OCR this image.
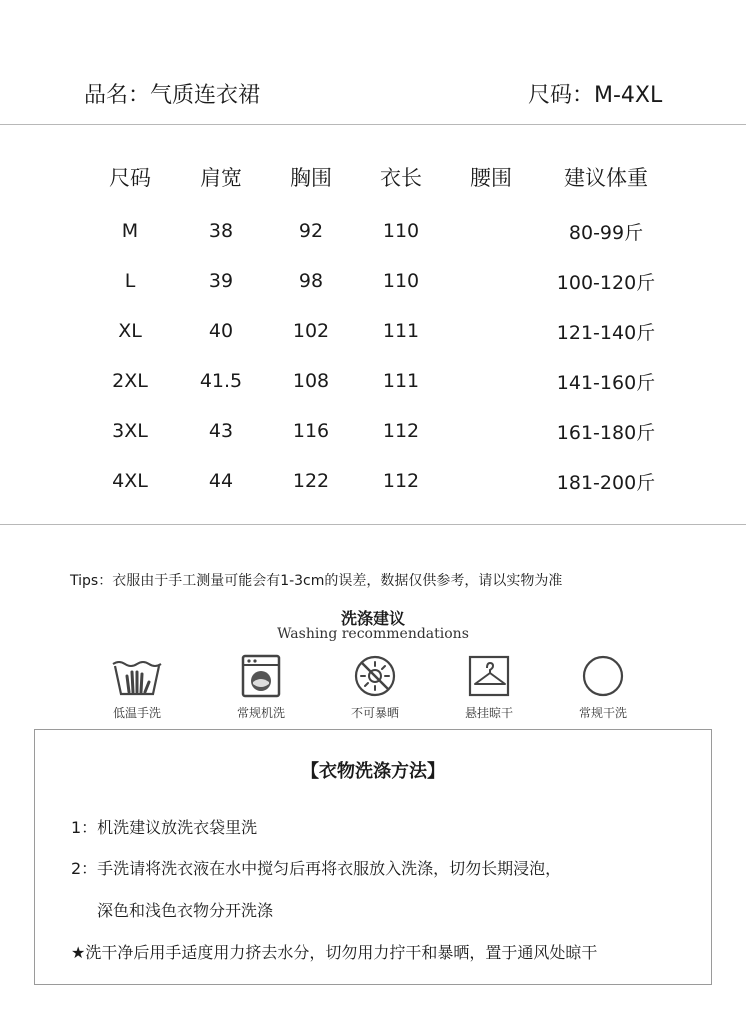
品名：气质连衣裙	尺码：M-4XL
尺码	肩宽	胸围	衣长	腰围	建议体重
M	38	92	110		80-99斤
L	39	98	110		100-120斤
XL	40	102	111		121-140斤
2XL	41.5	108	111		141-160斤
3XL	43	116	112		161-180斤
4XL	44	122	112		181-200斤
Tips：衣服由于手工测量可能会有1-3cm的误差，数据仅供参考，请以实物为准
洗涤建议
Washing recommendations
低温手洗	常规机洗	不可暴晒	悬挂晾干	常规干洗
【衣物洗涤方法】
1：机洗建议放洗衣袋里洗
2：手洗请将洗衣液在水中搅匀后再将衣服放入洗涤，切勿长期浸泡，
深色和浅色衣物分开洗涤
★洗干净后用手适度用力挤去水分，切勿用力拧干和暴晒，置于通风处晾干
